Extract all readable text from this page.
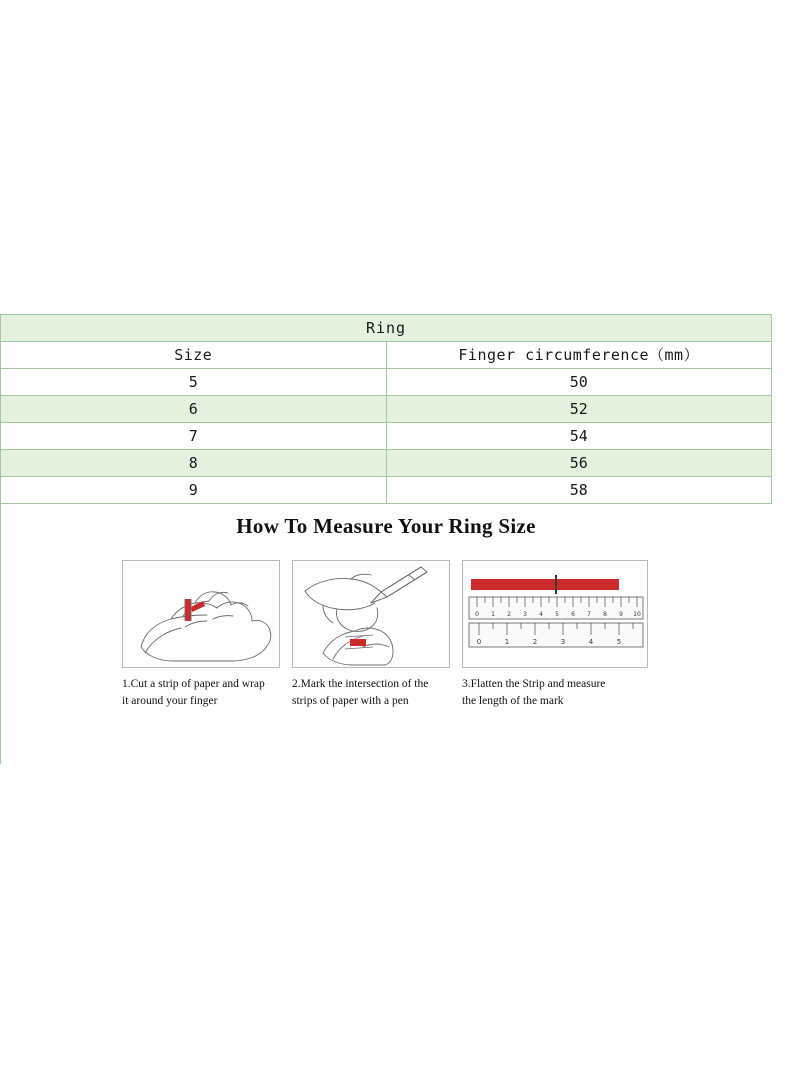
Ring	
Size	Finger circumference（mm）
5	50
6	52
7	54
8	56
9	58
How To Measure Your Ring Size
1.Cut a strip of paper and wrap
it around your finger
2.Mark the intersection of the
strips of paper with a pen
0 1 2 3 4 5 6 7 8 9 10
0	1	2	3	4	5
3.Flatten the Strip and measure
the length of the mark
